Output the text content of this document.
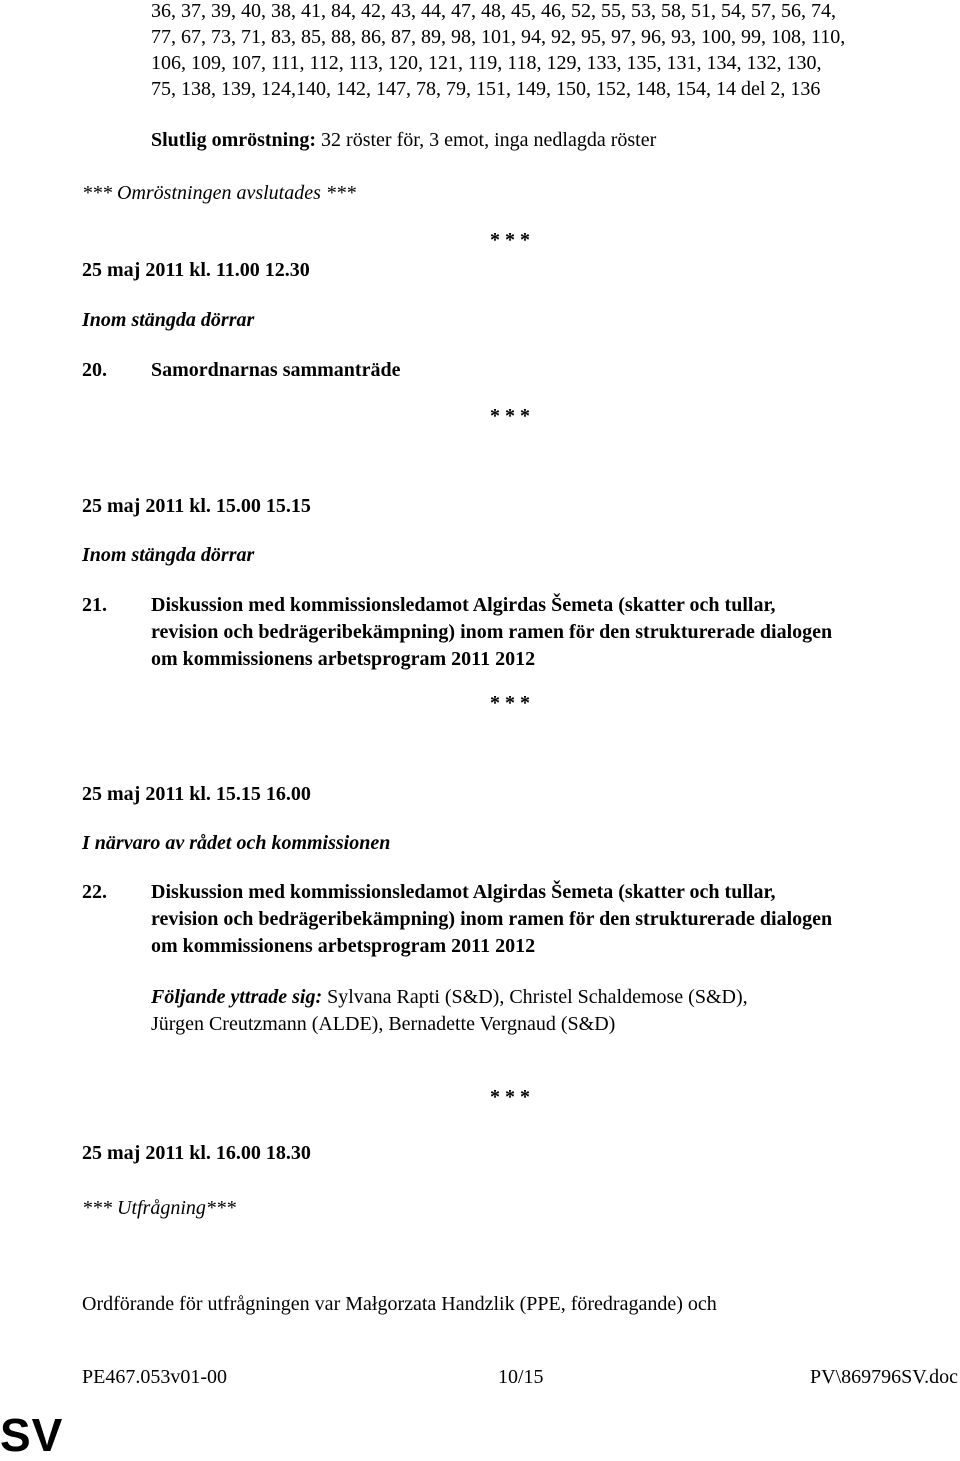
36, 37, 39, 40, 38, 41, 84, 42, 43, 44, 47, 48, 45, 46, 52, 55, 53, 58, 51, 54, 57, 56, 74,
77, 67, 73, 71, 83, 85, 88, 86, 87, 89, 98, 101, 94, 92, 95, 97, 96, 93, 100, 99, 108, 110,
106, 109, 107, 111, 112, 113, 120, 121, 119, 118, 129, 133, 135, 131, 134, 132, 130,
75, 138, 139, 124,140, 142, 147, 78, 79, 151, 149, 150, 152, 148, 154, 14 del 2, 136
Slutlig omröstning: 32 röster för, 3 emot, inga nedlagda röster
*** Omröstningen avslutades ***
* * *
25 maj 2011 kl. 11.00 12.30
Inom stängda dörrar
20. Samordnarnas sammanträde
* * *
25 maj 2011 kl. 15.00 15.15
Inom stängda dörrar
21. Diskussion med kommissionsledamot Algirdas Šemeta (skatter och tullar,
revision och bedrägeribekämpning) inom ramen för den strukturerade dialogen
om kommissionens arbetsprogram 2011 2012
* * *
25 maj 2011 kl. 15.15 16.00
I närvaro av rådet och kommissionen
22. Diskussion med kommissionsledamot Algirdas Šemeta (skatter och tullar,
revision och bedrägeribekämpning) inom ramen för den strukturerade dialogen
om kommissionens arbetsprogram 2011 2012
Följande yttrade sig: Sylvana Rapti (S&D), Christel Schaldemose (S&D),
Jürgen Creutzmann (ALDE), Bernadette Vergnaud (S&D)
* * *
25 maj 2011 kl. 16.00 18.30
*** Utfrågning***
Ordförande för utfrågningen var Małgorzata Handzlik (PPE, föredragande) och
PE467.053v01-00	10/15	PV\869796SV.doc
SV
